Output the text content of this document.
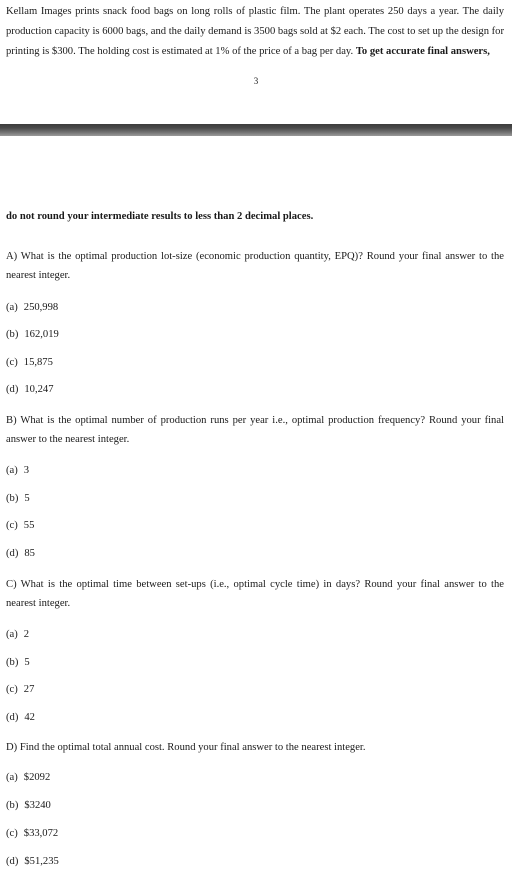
Kellam Images prints snack food bags on long rolls of plastic film. The plant operates 250 days a year. The daily production capacity is 6000 bags, and the daily demand is 3500 bags sold at $2 each. The cost to set up the design for printing is $300. The holding cost is estimated at 1% of the price of a bag per day. To get accurate final answers,

3

do not round your intermediate results to less than 2 decimal places.

A) What is the optimal production lot-size (economic production quantity, EPQ)? Round your final answer to the nearest integer.

(a) 250,998
(b) 162,019
(c) 15,875
(d) 10,247

B) What is the optimal number of production runs per year i.e., optimal production frequency? Round your final answer to the nearest integer.

(a) 3
(b) 5
(c) 55
(d) 85

C) What is the optimal time between set-ups (i.e., optimal cycle time) in days? Round your final answer to the nearest integer.

(a) 2
(b) 5
(c) 27
(d) 42

D) Find the optimal total annual cost. Round your final answer to the nearest integer.

(a) $2092
(b) $3240
(c) $33,072
(d) $51,235
